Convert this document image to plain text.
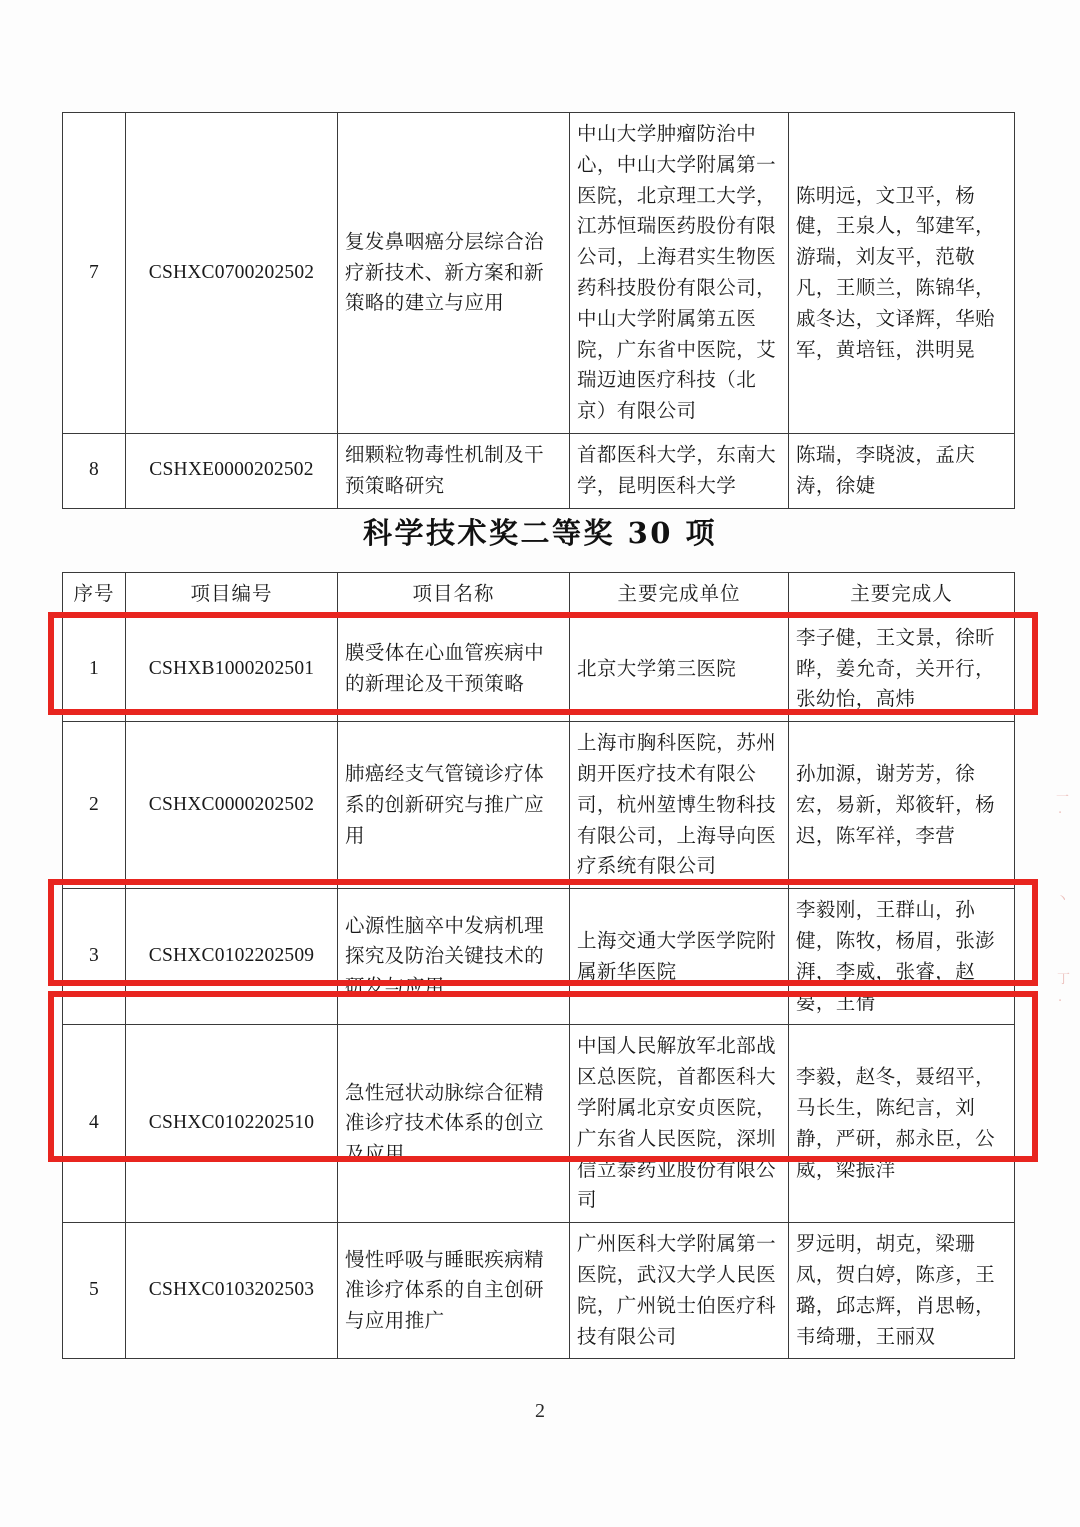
7	CSHXC0700202502	复发鼻咽癌分层综合治疗新技术、新方案和新策略的建立与应用	中山大学肿瘤防治中心，中山大学附属第一医院，北京理工大学，江苏恒瑞医药股份有限公司，上海君实生物医药科技股份有限公司，中山大学附属第五医院，广东省中医院，艾瑞迈迪医疗科技（北京）有限公司	陈明远，文卫平，杨健，王泉人，邹建军，游瑞，刘友平，范敬凡，王顺兰，陈锦华，戚冬达，文译辉，华贻军，黄培钰，洪明晃
8	CSHXE0000202502	细颗粒物毒性机制及干预策略研究	首都医科大学，东南大学，昆明医科大学	陈瑞，李晓波，孟庆涛，徐婕
科学技术奖二等奖 30 项
序号	项目编号	项目名称	主要完成单位	主要完成人
1	CSHXB1000202501	膜受体在心血管疾病中的新理论及干预策略	北京大学第三医院	李子健，王文景，徐昕晔，姜允奇，关开行，张幼怡，高炜
2	CSHXC0000202502	肺癌经支气管镜诊疗体系的创新研究与推广应用	上海市胸科医院，苏州朗开医疗技术有限公司，杭州堃博生物科技有限公司，上海导向医疗系统有限公司	孙加源，谢芳芳，徐宏，易新，郑筱轩，杨迟，陈军祥，李营
3	CSHXC0102202509	心源性脑卒中发病机理探究及防治关键技术的研发与应用	上海交通大学医学院附属新华医院	李毅刚，王群山，孙健，陈牧，杨眉，张澎湃，李威，张睿，赵晏，王倩
4	CSHXC0102202510	急性冠状动脉综合征精准诊疗技术体系的创立及应用	中国人民解放军北部战区总医院，首都医科大学附属北京安贞医院，广东省人民医院，深圳信立泰药业股份有限公司	李毅，赵冬，聂绍平，马长生，陈纪言，刘静，严研，郝永臣，公威，梁振洋
5	CSHXC0103202503	慢性呼吸与睡眠疾病精准诊疗体系的自主创研与应用推广	广州医科大学附属第一医院，武汉大学人民医院，广州锐士伯医疗科技有限公司	罗远明，胡克，梁珊凤，贺白婷，陈彦，王璐，邱志辉，肖思畅，韦绮珊，王丽双
一
·
丶
丁
·
2
